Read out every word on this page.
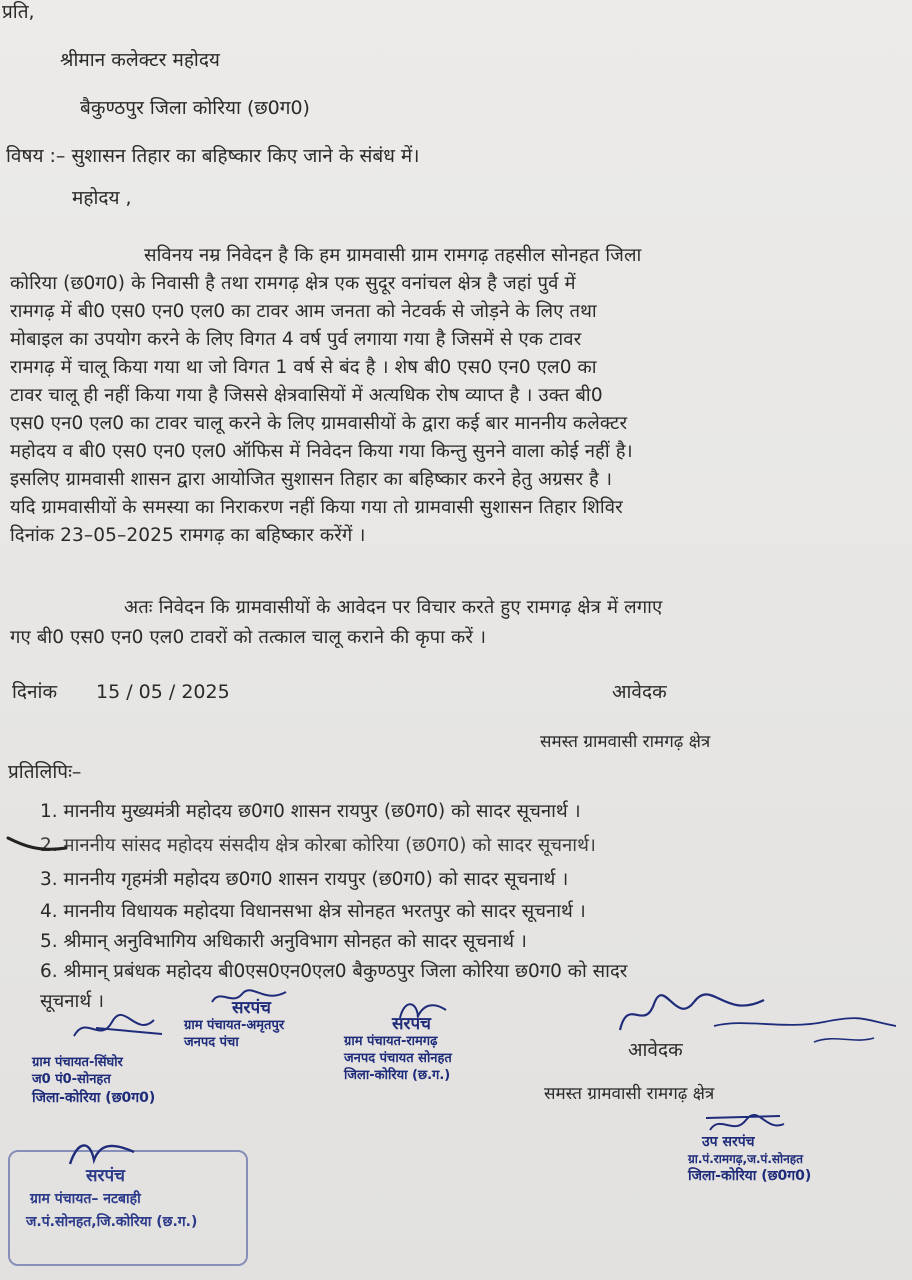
प्रति,
श्रीमान कलेक्टर महोदय
बैकुण्ठपुर जिला कोरिया (छ0ग0)
विषय :– सुशासन तिहार का बहिष्कार किए जाने के संबंध में।
महोदय ,
सविनय नम्र निवेदन है कि हम ग्रामवासी ग्राम रामगढ़ तहसील सोनहत जिला
कोरिया (छ0ग0) के निवासी है तथा रामगढ़ क्षेत्र एक सुदूर वनांचल क्षेत्र है जहां पुर्व में
रामगढ़ में बी0 एस0 एन0 एल0 का टावर आम जनता को नेटवर्क से जोड़ने के लिए तथा
मोबाइल का उपयोग करने के लिए विगत 4 वर्ष पुर्व लगाया गया है जिसमें से एक टावर
रामगढ़ में चालू किया गया था जो विगत 1 वर्ष से बंद है । शेष बी0 एस0 एन0 एल0 का
टावर चालू ही नहीं किया गया है जिससे क्षेत्रवासियों में अत्यधिक रोष व्याप्त है । उक्त बी0
एस0 एन0 एल0 का टावर चालू करने के लिए ग्रामवासीयों के द्वारा कई बार माननीय कलेक्टर
महोदय व बी0 एस0 एन0 एल0 ऑफिस में निवेदन किया गया किन्तु सुनने वाला कोई नहीं है।
इसलिए ग्रामवासी शासन द्वारा आयोजित सुशासन तिहार का बहिष्कार करने हेतु अग्रसर है ।
यदि ग्रामवासीयों के समस्या का निराकरण नहीं किया गया तो ग्रामवासी सुशासन तिहार शिविर
दिनांक 23–05–2025 रामगढ़ का बहिष्कार करेंगें ।
अतः निवेदन कि ग्रामवासीयों के आवेदन पर विचार करते हुए रामगढ़ क्षेत्र में लगाए
गए बी0 एस0 एन0 एल0 टावरों को तत्काल चालू कराने की कृपा करें ।
दिनांक 15 / 05 / 2025	आवेदक
समस्त ग्रामवासी रामगढ़ क्षेत्र
प्रतिलिपिः–
1. माननीय मुख्यमंत्री महोदय छ0ग0 शासन रायपुर (छ0ग0) को सादर सूचनार्थ ।
2. माननीय सांसद महोदय संसदीय क्षेत्र कोरबा कोरिया (छ0ग0) को सादर सूचनार्थ।
3. माननीय गृहमंत्री महोदय छ0ग0 शासन रायपुर (छ0ग0) को सादर सूचनार्थ ।
4. माननीय विधायक महोदया विधानसभा क्षेत्र सोनहत भरतपुर को सादर सूचनार्थ ।
5. श्रीमान् अनुविभागिय अधिकारी अनुविभाग सोनहत को सादर सूचनार्थ ।
6. श्रीमान् प्रबंधक महोदय बी0एस0एन0एल0 बैकुण्ठपुर जिला कोरिया छ0ग0 को सादर
सूचनार्थ ।
ग्राम पंचायत-सिंघोर
ज0 पं0-सोनहत
जिला-कोरिया (छ0ग0)
सरपंच
ग्राम पंचायत-अमृतपुर
जनपद पंचा
सरपंच
ग्राम पंचायत-रामगढ़
जनपद पंचायत सोनहत
जिला-कोरिया (छ.ग.)
आवेदक
समस्त ग्रामवासी रामगढ़ क्षेत्र
उप सरपंच
ग्रा.पं.रामगढ़,ज.पं.सोनहत
जिला-कोरिया (छ0ग0)
सरपंच
ग्राम पंचायत– नटबाही
ज.पं.सोनहत,जि.कोरिया (छ.ग.)
